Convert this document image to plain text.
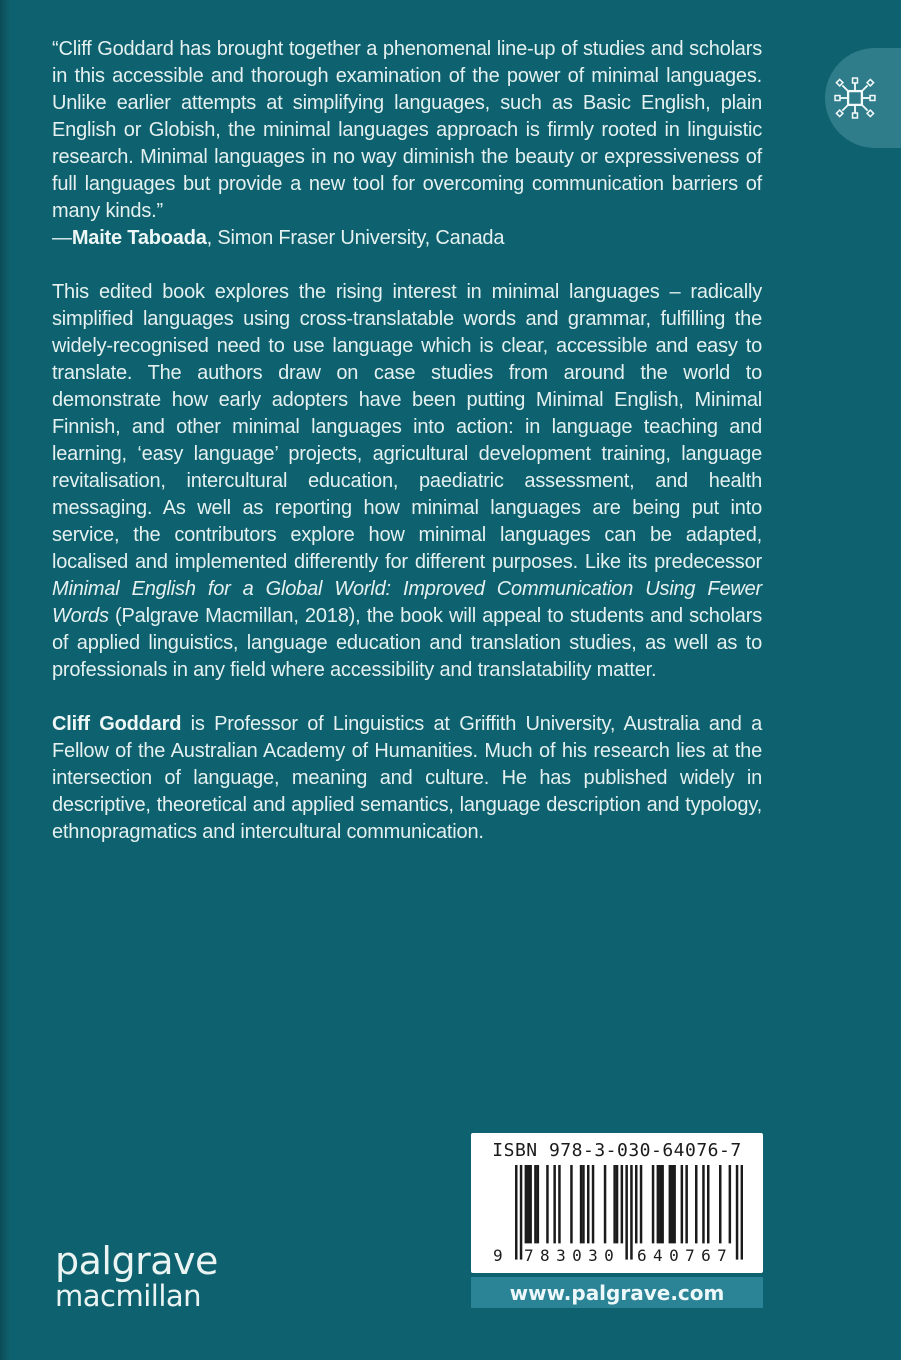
“Cliff Goddard has brought together a phenomenal line-up of studies and scholars in this accessible and thorough examination of the power of minimal languages. Unlike earlier attempts at simplifying languages, such as Basic English, plain English or Globish, the minimal languages approach is firmly rooted in linguistic research. Minimal languages in no way diminish the beauty or expressiveness of full languages but provide a new tool for overcoming communication barriers of many kinds.”

—Maite Taboada, Simon Fraser University, Canada

This edited book explores the rising interest in minimal languages – radically simplified languages using cross-translatable words and grammar, fulfilling the widely-recognised need to use language which is clear, accessible and easy to translate. The authors draw on case studies from around the world to demonstrate how early adopters have been putting Minimal English, Minimal Finnish, and other minimal languages into action: in language teaching and learning, ‘easy language’ projects, agricultural development training, language revitalisation, intercultural education, paediatric assessment, and health messaging. As well as reporting how minimal languages are being put into service, the contributors explore how minimal languages can be adapted, localised and implemented differently for different purposes. Like its predecessor Minimal English for a Global World: Improved Communication Using Fewer Words (Palgrave Macmillan, 2018), the book will appeal to students and scholars of applied linguistics, language education and translation studies, as well as to professionals in any field where accessibility and translatability matter.

Cliff Goddard is Professor of Linguistics at Griffith University, Australia and a Fellow of the Australian Academy of Humanities. Much of his research lies at the intersection of language, meaning and culture. He has published widely in descriptive, theoretical and applied semantics, language description and typology, ethnopragmatics and intercultural communication.

palgrave
macmillan
ISBN 978-3-030-64076-7
9 783030 640767
www.palgrave.com
